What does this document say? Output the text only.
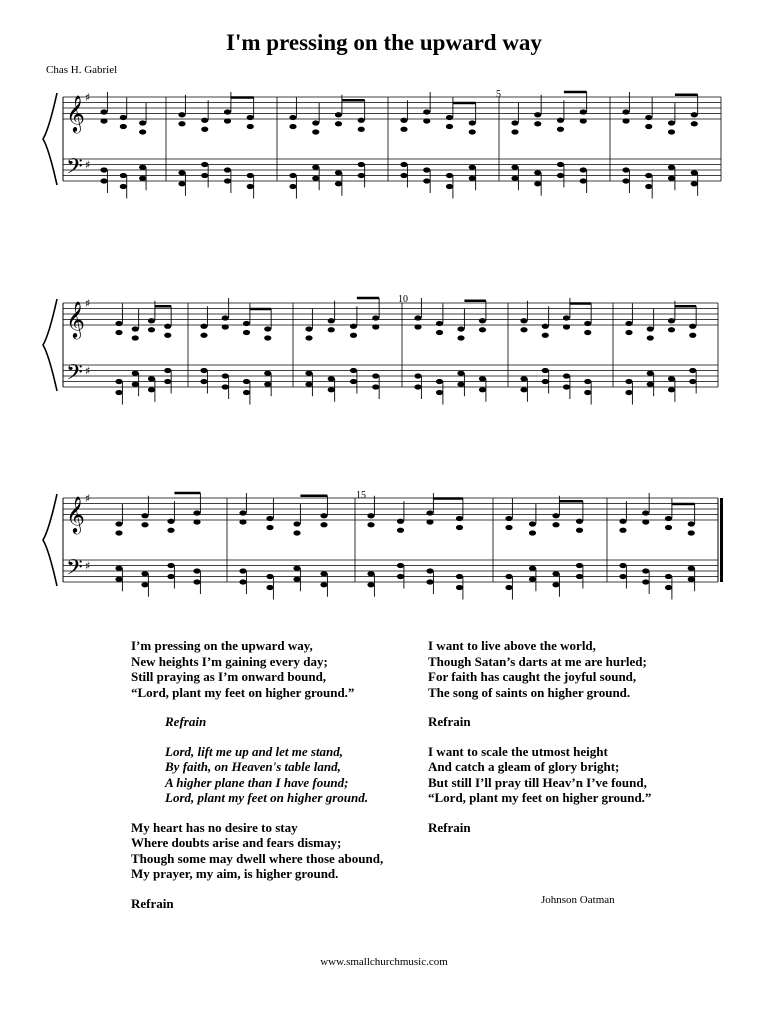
I'm pressing on the upward way
Chas H. Gabriel
𝄞
𝄢
♯
♯
𝄞
𝄢
♯
♯
𝄞
𝄢
♯
♯
5
10
15
I’m pressing on the upward way,
New heights I’m gaining every day;
Still praying as I’m onward bound,
“Lord, plant my feet on higher ground.”
Refrain
Lord, lift me up and let me stand,
By faith, on Heaven's table land,
A higher plane than I have found;
Lord, plant my feet on higher ground.
My heart has no desire to stay
Where doubts arise and fears dismay;
Though some may dwell where those abound,
My prayer, my aim, is higher ground.
Refrain
I want to live above the world,
Though Satan’s darts at me are hurled;
For faith has caught the joyful sound,
The song of saints on higher ground.
Refrain
I want to scale the utmost height
And catch a gleam of glory bright;
But still I’ll pray till Heav’n I’ve found,
“Lord, plant my feet on higher ground.”
Refrain
Johnson Oatman
www.smallchurchmusic.com
